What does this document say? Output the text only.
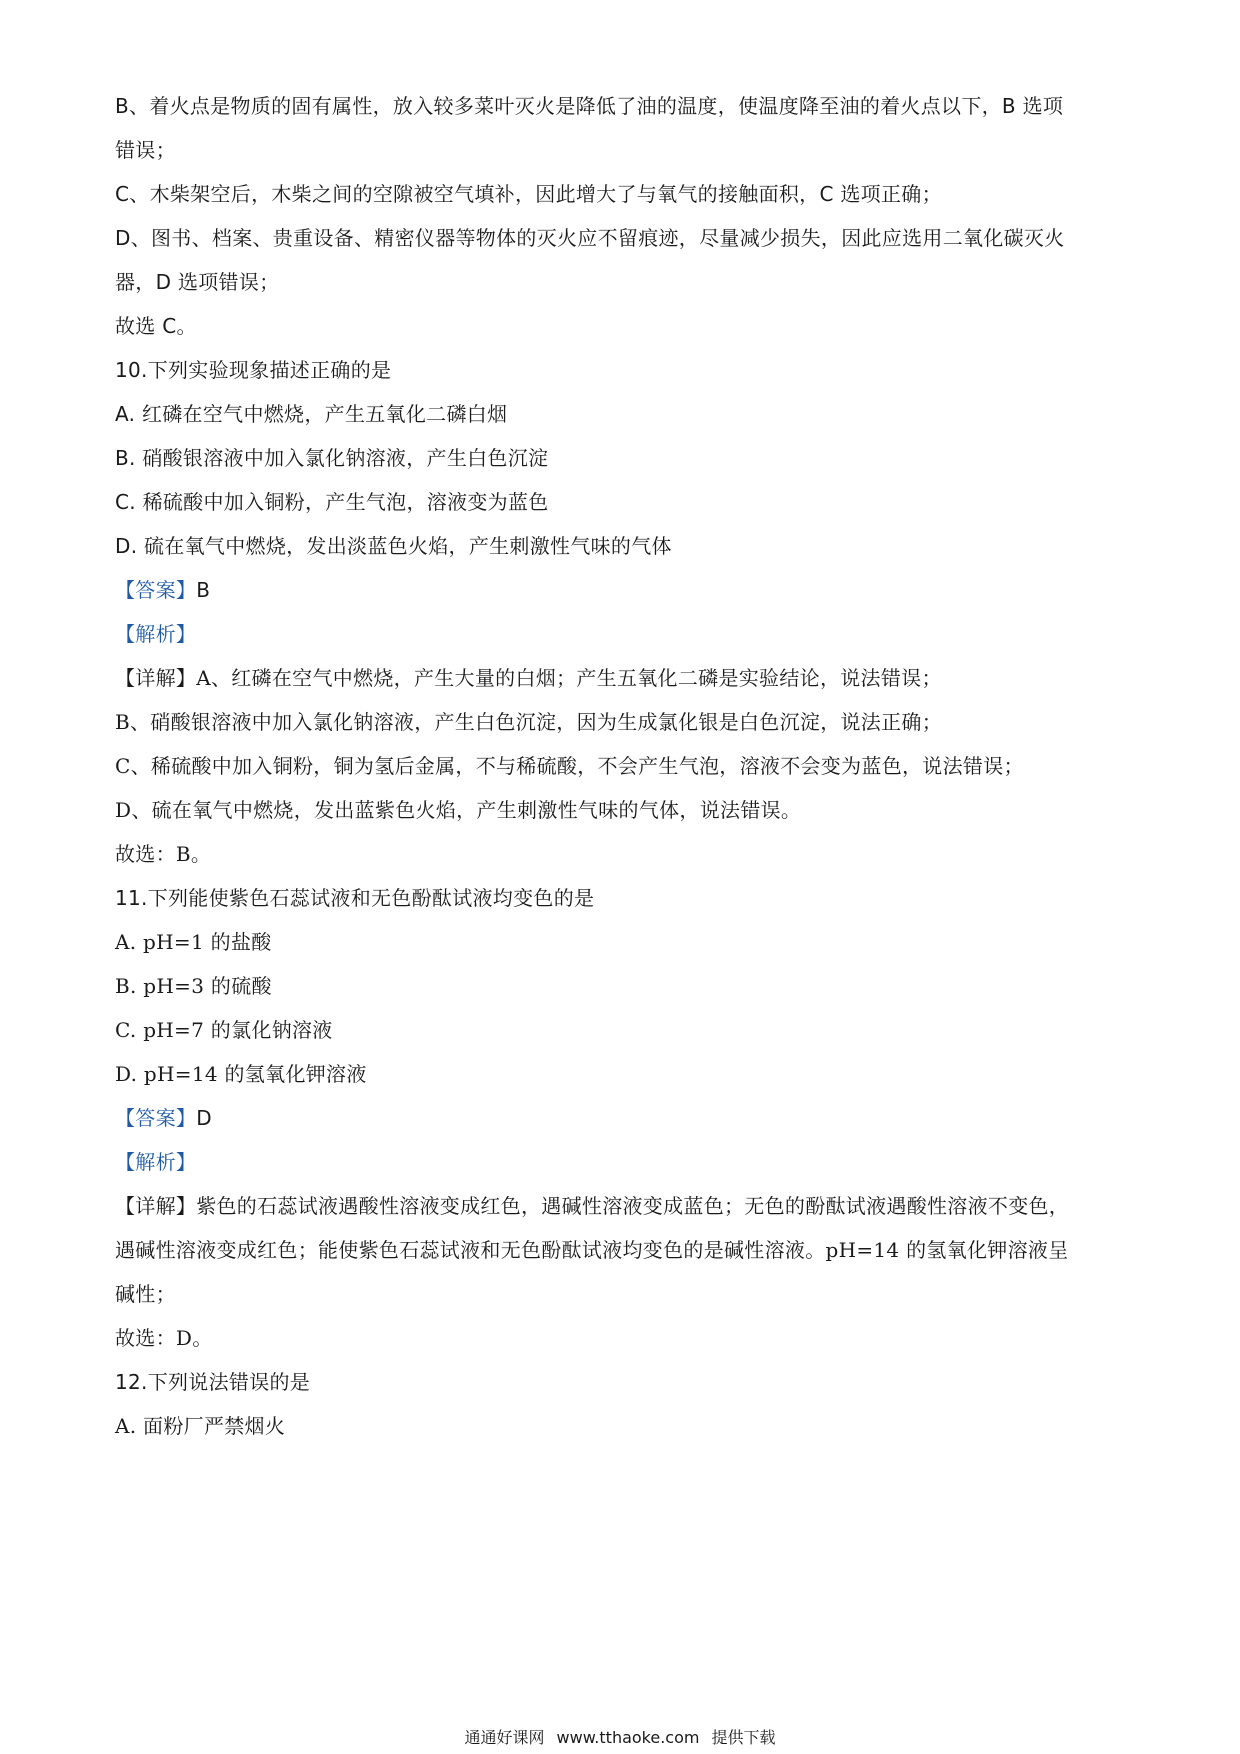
B、着火点是物质的固有属性，放入较多菜叶灭火是降低了油的温度，使温度降至油的着火点以下，B 选项
错误；
C、木柴架空后，木柴之间的空隙被空气填补，因此增大了与氧气的接触面积，C 选项正确；
D、图书、档案、贵重设备、精密仪器等物体的灭火应不留痕迹，尽量减少损失，因此应选用二氧化碳灭火
器，D 选项错误；
故选 C。
10.下列实验现象描述正确的是
A. 红磷在空气中燃烧，产生五氧化二磷白烟
B. 硝酸银溶液中加入氯化钠溶液，产生白色沉淀
C. 稀硫酸中加入铜粉，产生气泡，溶液变为蓝色
D. 硫在氧气中燃烧，发出淡蓝色火焰，产生刺激性气味的气体
【答案】B
【解析】
【详解】A、红磷在空气中燃烧，产生大量的白烟；产生五氧化二磷是实验结论，说法错误；
B、硝酸银溶液中加入氯化钠溶液，产生白色沉淀，因为生成氯化银是白色沉淀，说法正确；
C、稀硫酸中加入铜粉，铜为氢后金属，不与稀硫酸，不会产生气泡，溶液不会变为蓝色，说法错误；
D、硫在氧气中燃烧，发出蓝紫色火焰，产生刺激性气味的气体，说法错误。
故选：B。
11.下列能使紫色石蕊试液和无色酚酞试液均变色的是
A. pH=1 的盐酸
B. pH=3 的硫酸
C. pH=7 的氯化钠溶液
D. pH=14 的氢氧化钾溶液
【答案】D
【解析】
【详解】紫色的石蕊试液遇酸性溶液变成红色，遇碱性溶液变成蓝色；无色的酚酞试液遇酸性溶液不变色，
遇碱性溶液变成红色；能使紫色石蕊试液和无色酚酞试液均变色的是碱性溶液。pH=14 的氢氧化钾溶液呈
碱性；
故选：D。
12.下列说法错误的是
A. 面粉厂严禁烟火
通通好课网 www.tthaoke.com 提供下载
